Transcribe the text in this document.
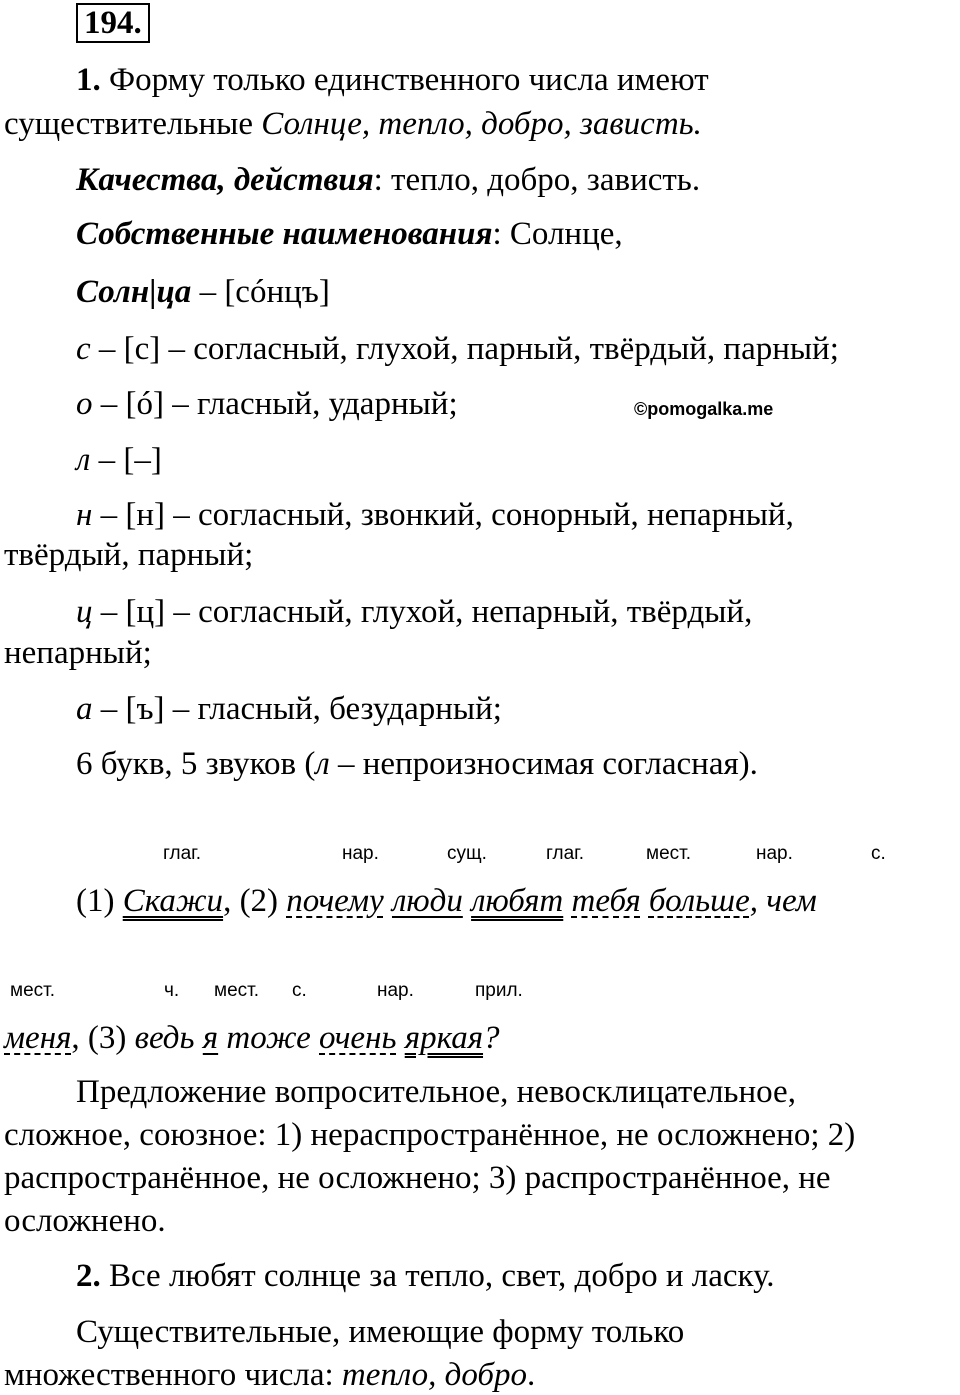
194.
1. Форму только единственного числа имеют
существительные Солнце, тепло, добро, зависть.
Качества, действия: тепло, добро, зависть.
Собственные наименования: Солнце,
Солн|ца – [сóнцъ]
с – [с] – согласный, глухой, парный, твёрдый, парный;
о – [ó] – гласный, ударный;	©pomogalka.me
л – [–]
н – [н] – согласный, звонкий, сонорный, непарный,
твёрдый, парный;
ц – [ц] – согласный, глухой, непарный, твёрдый,
непарный;
а – [ъ] – гласный, безударный;
6 букв, 5 звуков (л – непроизносимая согласная).
глаг.	нар.	сущ.	глаг.	мест.	нар.	с.
(1) Скажи, (2) почему люди любят тебя больше, чем
мест.	ч. мест. с.	нар.	прил.
меня, (3) ведь я тоже очень яркая?
Предложение вопросительное, невосклицательное,
сложное, союзное: 1) нераспространённое, не осложнено; 2)
распространённое, не осложнено; 3) распространённое, не
осложнено.
2. Все любят солнце за тепло, свет, добро и ласку.
Существительные, имеющие форму только
множественного числа: тепло, добро.
